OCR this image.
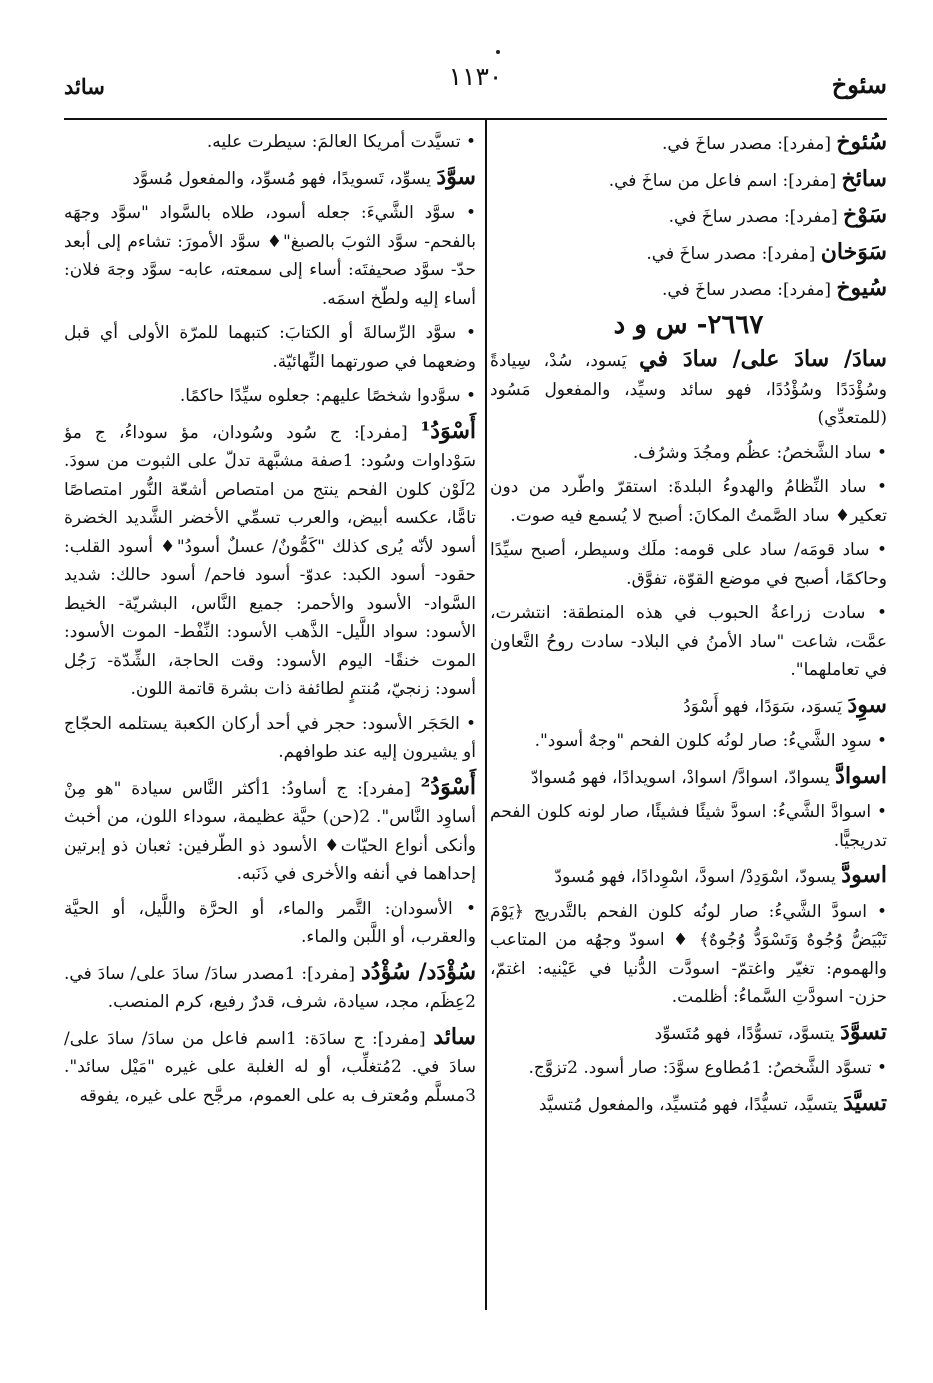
سئوخ
١١٣٠
سائد

سُئوخ [مفرد]: مصدر ساخَ في.

سائخ [مفرد]: اسم فاعل من ساخَ في.

سَوْخ [مفرد]: مصدر ساخَ في.

سَوَخان [مفرد]: مصدر ساخَ في.

سُيوخ [مفرد]: مصدر ساخَ في.

٢٦٦٧- س و د

سادَ/ سادَ على/ سادَ في يَسود، سُدْ، سِيادةً وسُؤْدَدًا وسُؤْدُدًا، فهو سائد وسيِّد، والمفعول مَسُود (للمتعدِّي)

• ساد الشَّخصُ: عظُم ومجُدَ وشرُف.

• ساد النِّظامُ والهدوءُ البلدةَ: استقرّ واطّرد من دون تعكير♦ ساد الصَّمتُ المكانَ: أصبح لا يُسمع فيه صوت.

• ساد قومَه/ ساد على قومه: ملَك وسيطر، أصبح سيِّدًا وحاكمًا، أصبح في موضع القوّة، تفوَّق.

• سادت زراعةُ الحبوب في هذه المنطقة: انتشرت، عمَّت، شاعت "ساد الأمنُ في البلاد- سادت روحُ التَّعاون في تعاملهما".

سوِدَ يَسوَد، سَوَدًا، فهو أَسْوَدُ

• سوِد الشَّيءُ: صار لونُه كلون الفحم "وجهٌ أسود".

اسوادَّ يسوادّ، اسوادَّ/ اسوادْ، اسويدادًا، فهو مُسوادّ

• اسوادَّ الشَّيءُ: اسودَّ شيئًا فشيئًا، صار لونه كلون الفحم تدريجيًّا.

اسودَّ يسودّ، اسْوَدِدْ/ اسودَّ، اسْوِدادًا، فهو مُسودّ

• اسودَّ الشَّيءُ: صار لونُه كلون الفحم بالتَّدريج ﴿يَوْمَ تَبْيَضُّ وُجُوهٌ وَتَسْوَدُّ وُجُوهٌ﴾ ♦ اسودّ وجهُه من المتاعب والهموم: تغيّر واغتمّ- اسودَّت الدُّنيا في عَيْنيه: اغتمّ، حزن- اسودَّتِ السَّماءُ: أظلمت.

تسوَّدَ يتسوَّد، تسوُّدًا، فهو مُتَسوِّد

• تسوَّد الشَّخصُ: 1مُطاوع سوَّدَ: صار أسود. 2تزوَّج.

تسيَّدَ يتسيَّد، تسيُّدًا، فهو مُتسيِّد، والمفعول مُتسيَّد

• تسيَّدت أمريكا العالمَ: سيطرت عليه.

سوَّدَ يسوِّد، تَسويدًا، فهو مُسوِّد، والمفعول مُسوَّد

• سوَّد الشَّيءَ: جعله أسود، طلاه بالسَّواد "سوَّد وجهَه بالفحم- سوَّد الثوبَ بالصبغ"♦ سوَّد الأمورَ: تشاءم إلى أبعد حدّ- سوَّد صحيفتَه: أساء إلى سمعته، عابه- سوَّد وجهَ فلان: أساء إليه ولطّخ اسمَه.

• سوَّد الرِّسالةَ أو الكتابَ: كتبهما للمرّة الأولى أي قبل وضعهما في صورتهما النِّهائيّة.

• سوَّدوا شخصًا عليهم: جعلوه سيِّدًا حاكمًا.

أَسْوَدُ¹ [مفرد]: ج سُود وسُودان، مؤ سوداءُ، ج مؤ سَوْداوات وسُود: 1صفة مشبَّهة تدلّ على الثبوت من سودَ. 2لَوْن كلون الفحم ينتج من امتصاص أشعّة النُّور امتصاصًا تامًّا، عكسه أبيض، والعرب تسمِّي الأخضر الشَّديد الخضرة أسود لأنّه يُرى كذلك "كَمُّونٌ/ عسلٌ أسودُ"♦ أسود القلب: حقود- أسود الكبد: عدوّ- أسود فاحم/ أسود حالك: شديد السَّواد- الأسود والأحمر: جميع النَّاس، البشريّة- الخيط الأسود: سواد اللَّيل- الذَّهب الأسود: النِّفْط- الموت الأسود: الموت خنقًا- اليوم الأسود: وقت الحاجة، الشِّدّة- رَجُل أسود: زنجيّ، مُنتمٍ لطائفة ذات بشرة قاتمة اللون.

• الحَجَر الأسود: حجر في أحد أركان الكعبة يستلمه الحجّاج أو يشيرون إليه عند طوافهم.

أَسْوَدُ² [مفرد]: ج أساودُ: 1أكثر النَّاس سيادة "هو مِنْ أساوِد النَّاس". 2(حن) حيَّة عظيمة، سوداء اللون، من أخبث وأنكى أنواع الحيّات♦ الأسود ذو الطّرفين: ثعبان ذو إبرتين إحداهما في أنفه والأخرى في ذَنَبه.

• الأسودان: التَّمر والماء، أو الحرَّة واللَّيل، أو الحيَّة والعقرب، أو اللَّبن والماء.

سُؤْدَد/ سُؤْدُد [مفرد]: 1مصدر سادَ/ سادَ على/ سادَ في. 2عِظَم، مجد، سيادة، شرف، قدرٌ رفيع، كرم المنصب.

سائد [مفرد]: ج سادَة: 1اسم فاعل من سادَ/ سادَ على/ سادَ في. 2مُتغلِّب، أو له الغلبة على غيره "مَيْل سائد". 3مسلَّم ومُعترف به على العموم، مرجَّح على غيره، يفوقه
